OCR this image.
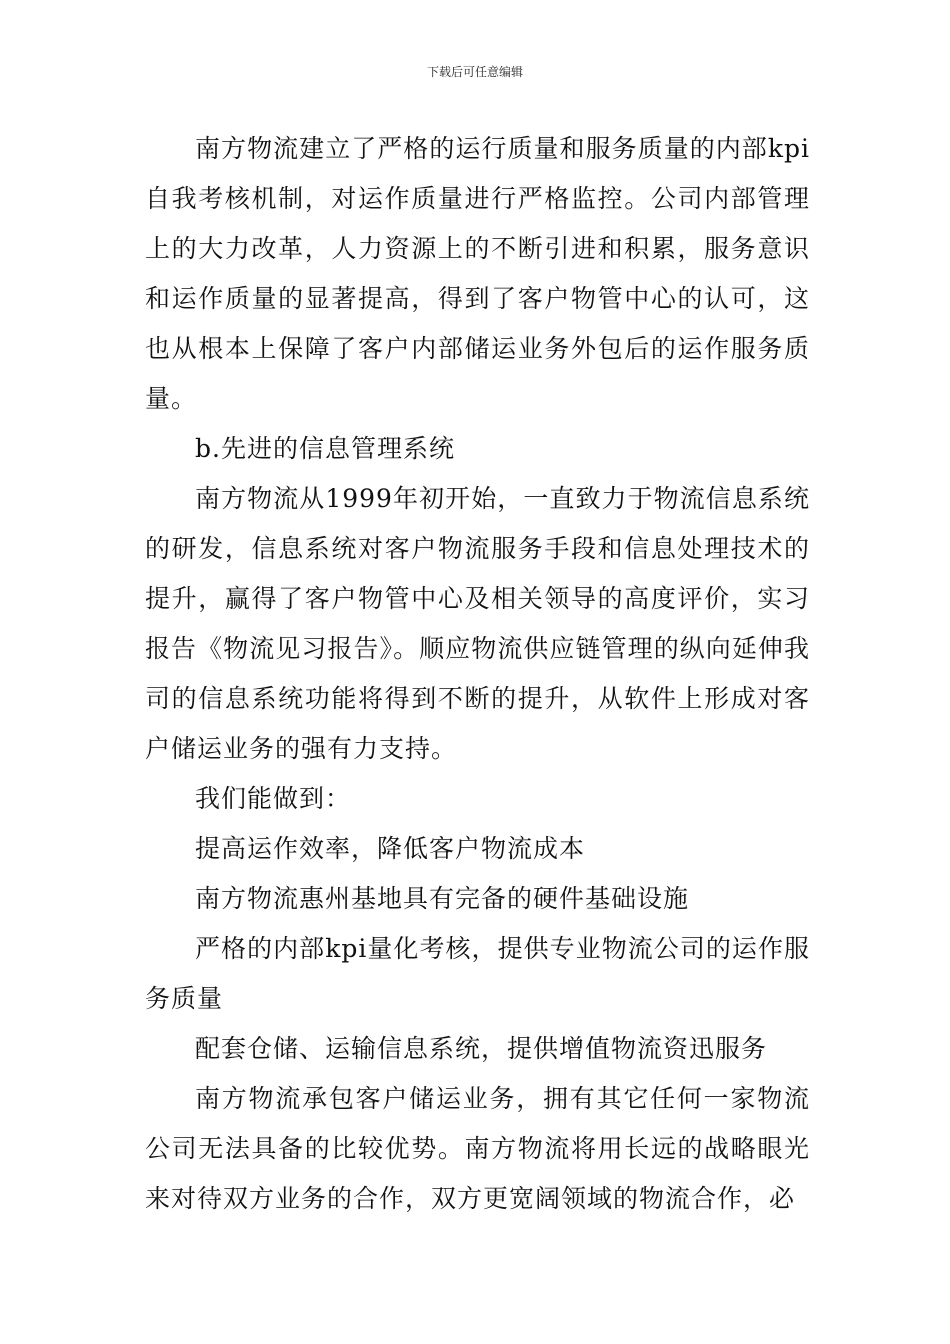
下载后可任意编辑

南方物流建立了严格的运行质量和服务质量的内部kpi自我考核机制，对运作质量进行严格监控。公司内部管理上的大力改革，人力资源上的不断引进和积累，服务意识和运作质量的显著提高，得到了客户物管中心的认可，这也从根本上保障了客户内部储运业务外包后的运作服务质量。

b.先进的信息管理系统

南方物流从1999年初开始，一直致力于物流信息系统的研发，信息系统对客户物流服务手段和信息处理技术的提升，赢得了客户物管中心及相关领导的高度评价，实习报告《物流见习报告》。顺应物流供应链管理的纵向延伸我司的信息系统功能将得到不断的提升，从软件上形成对客户储运业务的强有力支持。

我们能做到：

提高运作效率，降低客户物流成本

南方物流惠州基地具有完备的硬件基础设施

严格的内部kpi量化考核，提供专业物流公司的运作服务质量

配套仓储、运输信息系统，提供增值物流资迅服务

南方物流承包客户储运业务，拥有其它任何一家物流公司无法具备的比较优势。南方物流将用长远的战略眼光来对待双方业务的合作，双方更宽阔领域的物流合作，必
